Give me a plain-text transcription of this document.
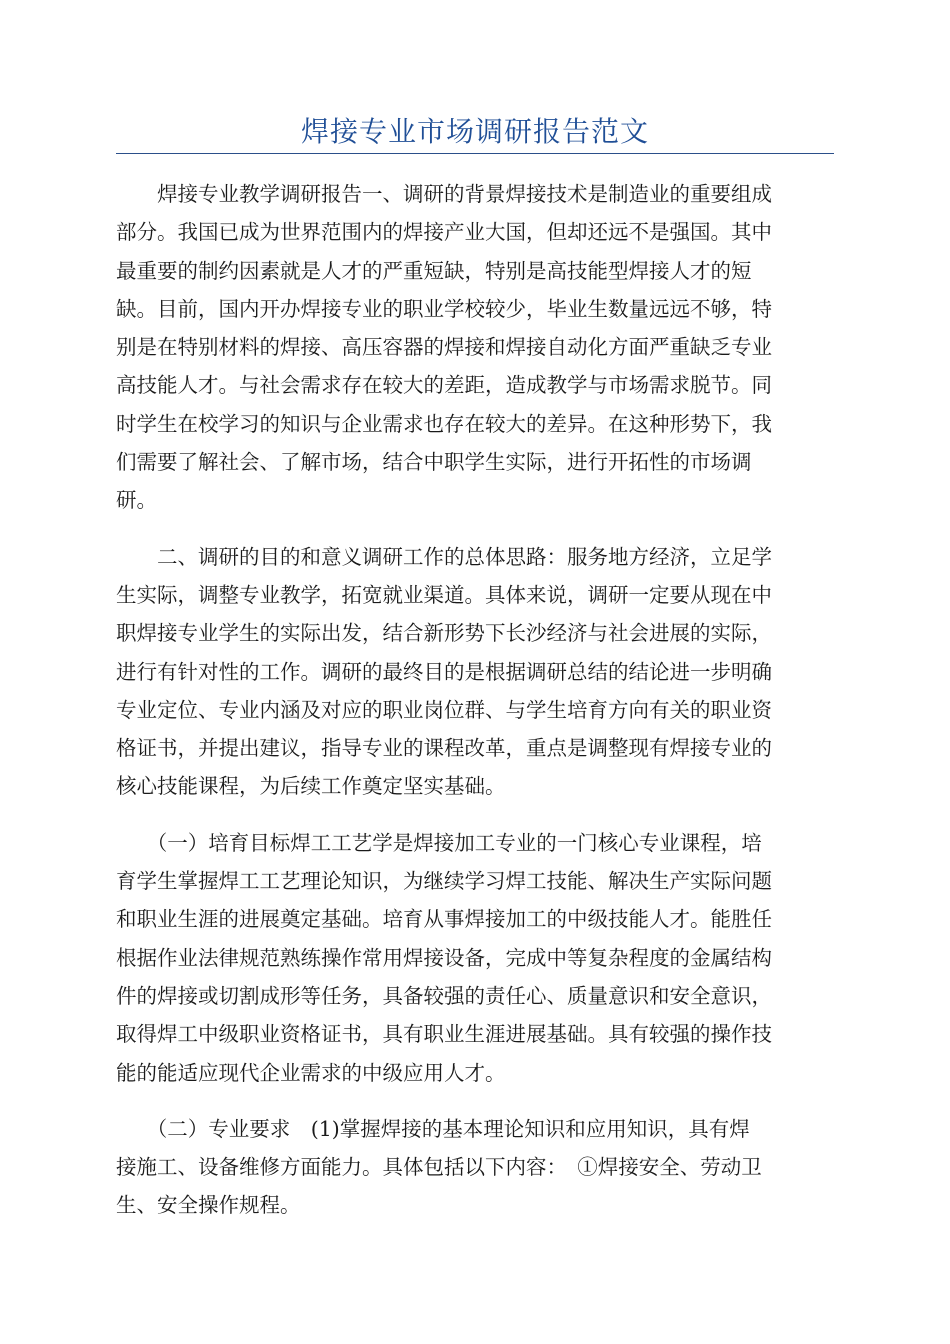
焊接专业市场调研报告范文
　　焊接专业教学调研报告一、调研的背景焊接技术是制造业的重要组成
部分。我国已成为世界范围内的焊接产业大国，但却还远不是强国。其中
最重要的制约因素就是人才的严重短缺，特别是高技能型焊接人才的短
缺。目前，国内开办焊接专业的职业学校较少，毕业生数量远远不够，特
别是在特别材料的焊接、高压容器的焊接和焊接自动化方面严重缺乏专业
高技能人才。与社会需求存在较大的差距，造成教学与市场需求脱节。同
时学生在校学习的知识与企业需求也存在较大的差异。在这种形势下，我
们需要了解社会、了解市场，结合中职学生实际，进行开拓性的市场调
研。
　　二、调研的目的和意义调研工作的总体思路：服务地方经济，立足学
生实际，调整专业教学，拓宽就业渠道。具体来说，调研一定要从现在中
职焊接专业学生的实际出发，结合新形势下长沙经济与社会进展的实际，
进行有针对性的工作。调研的最终目的是根据调研总结的结论进一步明确
专业定位、专业内涵及对应的职业岗位群、与学生培育方向有关的职业资
格证书，并提出建议，指导专业的课程改革，重点是调整现有焊接专业的
核心技能课程，为后续工作奠定坚实基础。
　　（一）培育目标焊工工艺学是焊接加工专业的一门核心专业课程，培
育学生掌握焊工工艺理论知识，为继续学习焊工技能、解决生产实际问题
和职业生涯的进展奠定基础。培育从事焊接加工的中级技能人才。能胜任
根据作业法律规范熟练操作常用焊接设备，完成中等复杂程度的金属结构
件的焊接或切割成形等任务，具备较强的责任心、质量意识和安全意识，
取得焊工中级职业资格证书，具有职业生涯进展基础。具有较强的操作技
能的能适应现代企业需求的中级应用人才。
　　（二）专业要求　(1)掌握焊接的基本理论知识和应用知识，具有焊
接施工、设备维修方面能力。具体包括以下内容：　①焊接安全、劳动卫
生、安全操作规程。
